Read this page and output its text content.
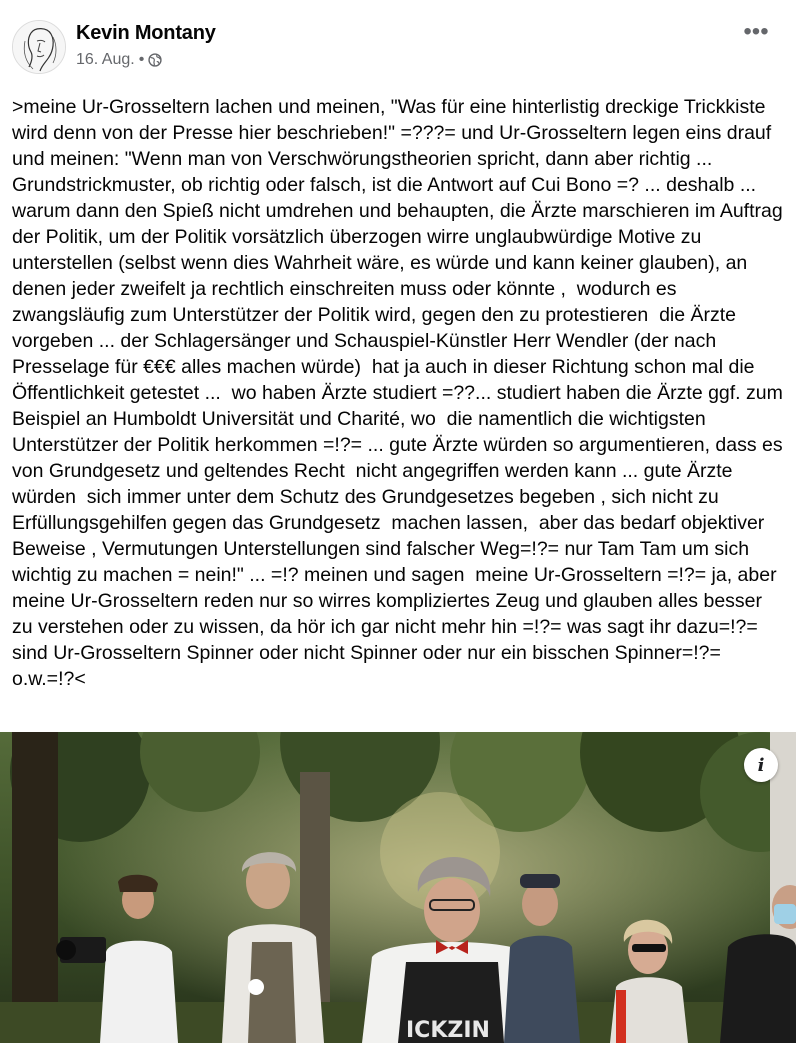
Kevin Montany
16. Aug. •
•••
>meine Ur-Grosseltern lachen und meinen, "Was für eine hinterlistig dreckige Trickkiste wird denn von der Presse hier beschrieben!" =???= und Ur-Grosseltern legen eins drauf und meinen: "Wenn man von Verschwörungstheorien spricht, dann aber richtig ... Grundstrickmuster, ob richtig oder falsch, ist die Antwort auf Cui Bono =? ... deshalb ... warum dann den Spieß nicht umdrehen und behaupten, die Ärzte marschieren im Auftrag der Politik, um der Politik vorsätzlich überzogen wirre unglaubwürdige Motive zu unterstellen (selbst wenn dies Wahrheit wäre, es würde und kann keiner glauben), an denen jeder zweifelt ja rechtlich einschreiten muss oder könnte ,  wodurch es zwangsläufig zum Unterstützer der Politik wird, gegen den zu protestieren  die Ärzte vorgeben ... der Schlagersänger und Schauspiel-Künstler Herr Wendler (der nach Presselage für €€€ alles machen würde)  hat ja auch in dieser Richtung schon mal die Öffentlichkeit getestet ...  wo haben Ärzte studiert =??... studiert haben die Ärzte ggf. zum Beispiel an Humboldt Universität und Charité, wo  die namentlich die wichtigsten  Unterstützer der Politik herkommen =!?= ... gute Ärzte würden so argumentieren, dass es von Grundgesetz und geltendes Recht  nicht angegriffen werden kann ... gute Ärzte würden  sich immer unter dem Schutz des Grundgesetzes begeben , sich nicht zu Erfüllungsgehilfen gegen das Grundgesetz  machen lassen,  aber das bedarf objektiver Beweise , Vermutungen Unterstellungen sind falscher Weg=!?= nur Tam Tam um sich wichtig zu machen = nein!" ... =!? meinen und sagen  meine Ur-Grosseltern =!?= ja, aber meine Ur-Grosseltern reden nur so wirres kompliziertes Zeug und glauben alles besser zu verstehen oder zu wissen, da hör ich gar nicht mehr hin =!?= was sagt ihr dazu=!?= sind Ur-Grosseltern Spinner oder nicht Spinner oder nur ein bisschen Spinner=!?= o.w.=!?<
ICKZIN
i
